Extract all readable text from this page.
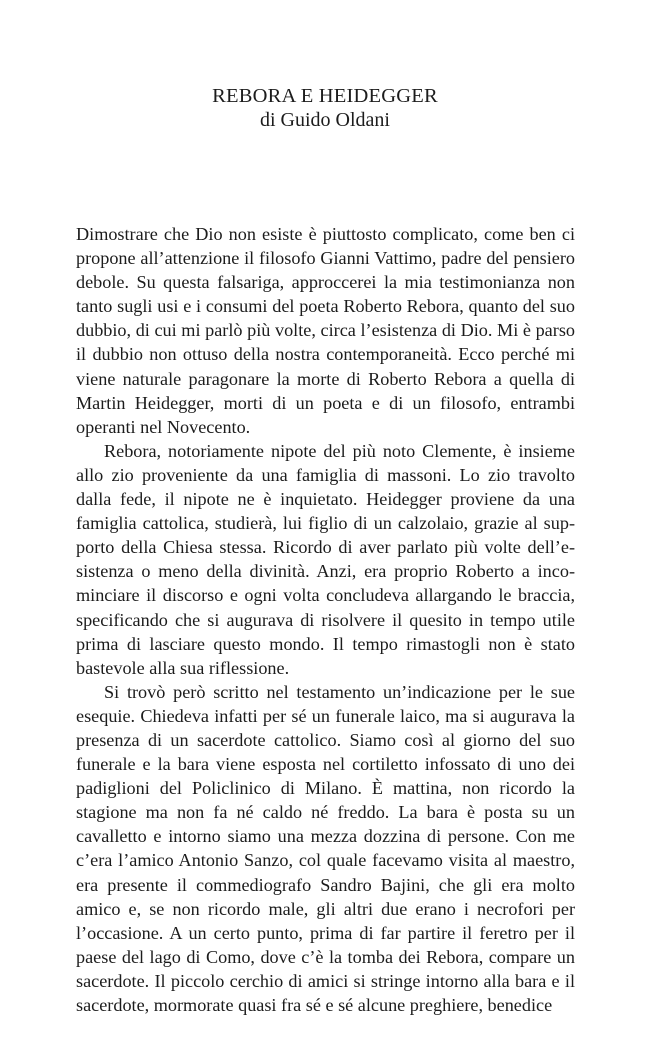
REBORA E HEIDEGGER
di Guido Oldani

Dimostrare che Dio non esiste è piuttosto complicato, come ben ci propone all’attenzione il filosofo Gianni Vattimo, padre del pensiero debole. Su questa falsariga, approccerei la mia testimonianza non tanto sugli usi e i consumi del poeta Roberto Rebora, quanto del suo dubbio, di cui mi parlò più volte, circa l’esistenza di Dio. Mi è parso il dubbio non ottuso della nostra contemporaneità. Ecco perché mi viene naturale paragonare la morte di Roberto Rebora a quella di Martin Heidegger, morti di un poeta e di un filosofo, entrambi operanti nel Novecento.

Rebora, notoriamente nipote del più noto Clemente, è insieme allo zio proveniente da una famiglia di massoni. Lo zio travolto dalla fede, il nipote ne è inquietato. Heidegger proviene da una famiglia cattolica, studierà, lui figlio di un calzolaio, grazie al supporto della Chiesa stessa. Ricordo di aver parlato più volte dell’esistenza o meno della divinità. Anzi, era proprio Roberto a incominciare il discorso e ogni volta concludeva allargando le braccia, specificando che si augurava di risolvere il quesito in tempo utile prima di lasciare questo mondo. Il tempo rimastogli non è stato bastevole alla sua riflessione.

Si trovò però scritto nel testamento un’indicazione per le sue esequie. Chiedeva infatti per sé un funerale laico, ma si augurava la presenza di un sacerdote cattolico. Siamo così al giorno del suo funerale e la bara viene esposta nel cortiletto infossato di uno dei padiglioni del Policlinico di Milano. È mattina, non ricordo la stagione ma non fa né caldo né freddo. La bara è posta su un cavalletto e intorno siamo una mezza dozzina di persone. Con me c’era l’amico Antonio Sanzo, col quale facevamo visita al maestro, era presente il commediografo Sandro Bajini, che gli era molto amico e, se non ricordo male, gli altri due erano i necrofori per l’occasione. A un certo punto, prima di far partire il feretro per il paese del lago di Como, dove c’è la tomba dei Rebora, compare un sacerdote. Il piccolo cerchio di amici si stringe intorno alla bara e il sacerdote, mormorate quasi fra sé e sé alcune preghiere, benedice
